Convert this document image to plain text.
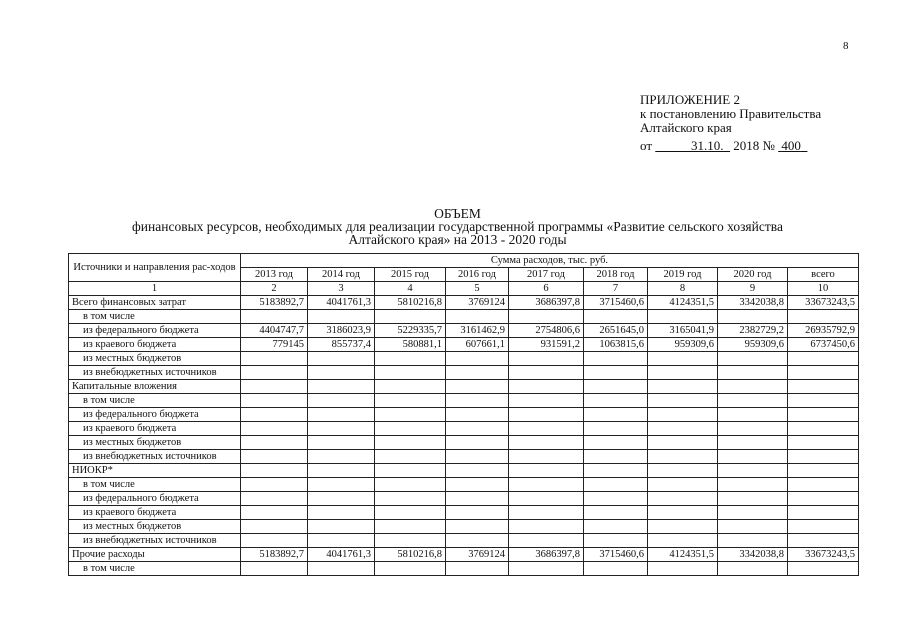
8
ПРИЛОЖЕНИЕ 2
к постановлению Правительства
Алтайского края
от	31.10. 2018 № 400
ОБЪЕМ
финансовых ресурсов, необходимых для реализации государственной программы «Развитие сельского хозяйства
Алтайского края» на 2013 - 2020 годы
Источники и направления рас-ходов	Сумма расходов, тыс. руб.								
	2013 год	2014 год	2015 год	2016 год	2017 год	2018 год	2019 год	2020 год	всего
1	2	3	4	5	6	7	8	9	10
Всего финансовых затрат	5183892,7	4041761,3	5810216,8	3769124	3686397,8	3715460,6	4124351,5	3342038,8	33673243,5
в том числе									
из федерального бюджета	4404747,7	3186023,9	5229335,7	3161462,9	2754806,6	2651645,0	3165041,9	2382729,2	26935792,9
из краевого бюджета	779145	855737,4	580881,1	607661,1	931591,2	1063815,6	959309,6	959309,6	6737450,6
из местных бюджетов									
из внебюджетных источников									
Капитальные вложения									
в том числе									
из федерального бюджета									
из краевого бюджета									
из местных бюджетов									
из внебюджетных источников									
НИОКР*									
в том числе									
из федерального бюджета									
из краевого бюджета									
из местных бюджетов									
из внебюджетных источников									
Прочие расходы	5183892,7	4041761,3	5810216,8	3769124	3686397,8	3715460,6	4124351,5	3342038,8	33673243,5
в том числе									
